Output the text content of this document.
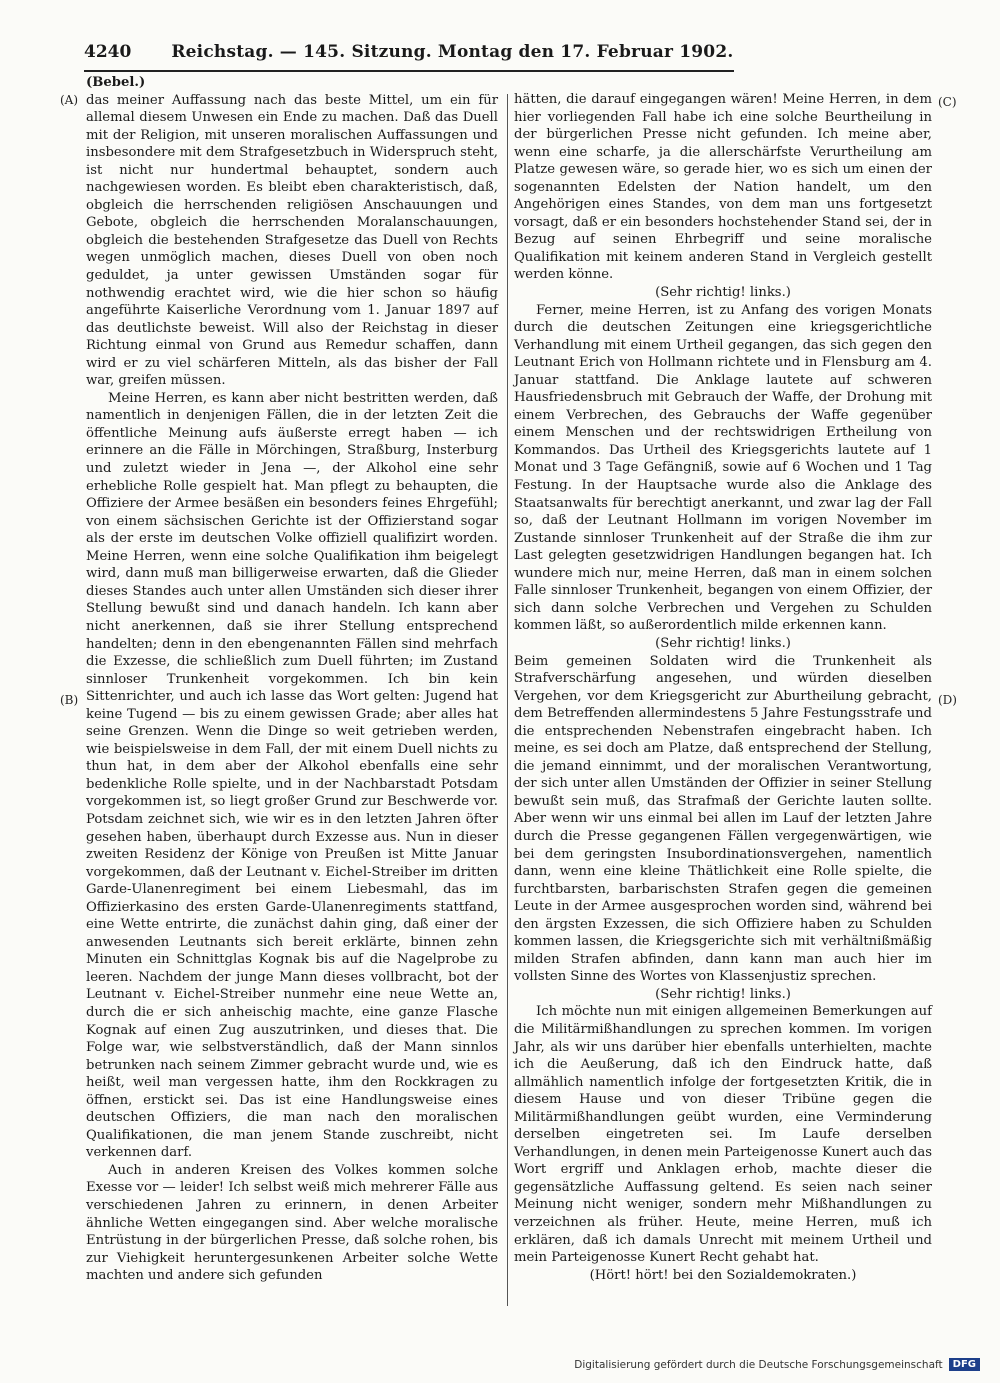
4240 Reichstag. — 145. Sitzung. Montag den 17. Februar 1902.
(A)
(B)
(C)
(D)

(Bebel.)

das meiner Auffassung nach das beste Mittel, um ein für allemal diesem Unwesen ein Ende zu machen. Daß das Duell mit der Religion, mit unseren moralischen Auffassungen und insbesondere mit dem Strafgesetzbuch in Widerspruch steht, ist nicht nur hundertmal behauptet, sondern auch nachgewiesen worden. Es bleibt eben charakteristisch, daß, obgleich die herrschenden religiösen Anschauungen und Gebote, obgleich die herrschenden Moralanschauungen, obgleich die bestehenden Strafgesetze das Duell von Rechts wegen unmöglich machen, dieses Duell von oben noch geduldet, ja unter gewissen Umständen sogar für nothwendig erachtet wird, wie die hier schon so häufig angeführte Kaiserliche Verordnung vom 1. Januar 1897 auf das deutlichste beweist. Will also der Reichstag in dieser Richtung einmal von Grund aus Remedur schaffen, dann wird er zu viel schärferen Mitteln, als das bisher der Fall war, greifen müssen.

Meine Herren, es kann aber nicht bestritten werden, daß namentlich in denjenigen Fällen, die in der letzten Zeit die öffentliche Meinung aufs äußerste erregt haben — ich erinnere an die Fälle in Mörchingen, Straßburg, Insterburg und zuletzt wieder in Jena —, der Alkohol eine sehr erhebliche Rolle gespielt hat. Man pflegt zu behaupten, die Offiziere der Armee besäßen ein besonders feines Ehrgefühl; von einem sächsischen Gerichte ist der Offizierstand sogar als der erste im deutschen Volke offiziell qualifizirt worden. Meine Herren, wenn eine solche Qualifikation ihm beigelegt wird, dann muß man billigerweise erwarten, daß die Glieder dieses Standes auch unter allen Umständen sich dieser ihrer Stellung bewußt sind und danach handeln. Ich kann aber nicht anerkennen, daß sie ihrer Stellung entsprechend handelten; denn in den ebengenannten Fällen sind mehrfach die Exzesse, die schließlich zum Duell führten; im Zustand sinnloser Trunkenheit vorgekommen. Ich bin kein Sittenrichter, und auch ich lasse das Wort gelten: Jugend hat keine Tugend — bis zu einem gewissen Grade; aber alles hat seine Grenzen. Wenn die Dinge so weit getrieben werden, wie beispielsweise in dem Fall, der mit einem Duell nichts zu thun hat, in dem aber der Alkohol ebenfalls eine sehr bedenkliche Rolle spielte, und in der Nachbarstadt Potsdam vorgekommen ist, so liegt großer Grund zur Beschwerde vor. Potsdam zeichnet sich, wie wir es in den letzten Jahren öfter gesehen haben, überhaupt durch Exzesse aus. Nun in dieser zweiten Residenz der Könige von Preußen ist Mitte Januar vorgekommen, daß der Leutnant v. Eichel-Streiber im dritten Garde-Ulanenregiment bei einem Liebesmahl, das im Offizierkasino des ersten Garde-Ulanenregiments stattfand, eine Wette entrirte, die zunächst dahin ging, daß einer der anwesenden Leutnants sich bereit erklärte, binnen zehn Minuten ein Schnittglas Kognak bis auf die Nagelprobe zu leeren. Nachdem der junge Mann dieses vollbracht, bot der Leutnant v. Eichel-Streiber nunmehr eine neue Wette an, durch die er sich anheischig machte, eine ganze Flasche Kognak auf einen Zug auszutrinken, und dieses that. Die Folge war, wie selbstverständlich, daß der Mann sinnlos betrunken nach seinem Zimmer gebracht wurde und, wie es heißt, weil man vergessen hatte, ihm den Rockkragen zu öffnen, erstickt sei. Das ist eine Handlungsweise eines deutschen Offiziers, die man nach den moralischen Qualifikationen, die man jenem Stande zuschreibt, nicht verkennen darf.

Auch in anderen Kreisen des Volkes kommen solche Exesse vor — leider! Ich selbst weiß mich mehrerer Fälle aus verschiedenen Jahren zu erinnern, in denen Arbeiter ähnliche Wetten eingegangen sind. Aber welche moralische Entrüstung in der bürgerlichen Presse, daß solche rohen, bis zur Viehigkeit heruntergesunkenen Arbeiter solche Wette machten und andere sich gefunden

hätten, die darauf eingegangen wären! Meine Herren, in dem hier vorliegenden Fall habe ich eine solche Beurtheilung in der bürgerlichen Presse nicht gefunden. Ich meine aber, wenn eine scharfe, ja die allerschärfste Verurtheilung am Platze gewesen wäre, so gerade hier, wo es sich um einen der sogenannten Edelsten der Nation handelt, um den Angehörigen eines Standes, von dem man uns fortgesetzt vorsagt, daß er ein besonders hochstehender Stand sei, der in Bezug auf seinen Ehrbegriff und seine moralische Qualifikation mit keinem anderen Stand in Vergleich gestellt werden könne.

(Sehr richtig! links.)

Ferner, meine Herren, ist zu Anfang des vorigen Monats durch die deutschen Zeitungen eine kriegsgerichtliche Verhandlung mit einem Urtheil gegangen, das sich gegen den Leutnant Erich von Hollmann richtete und in Flensburg am 4. Januar stattfand. Die Anklage lautete auf schweren Hausfriedensbruch mit Gebrauch der Waffe, der Drohung mit einem Verbrechen, des Gebrauchs der Waffe gegenüber einem Menschen und der rechtswidrigen Ertheilung von Kommandos. Das Urtheil des Kriegsgerichts lautete auf 1 Monat und 3 Tage Gefängniß, sowie auf 6 Wochen und 1 Tag Festung. In der Hauptsache wurde also die Anklage des Staatsanwalts für berechtigt anerkannt, und zwar lag der Fall so, daß der Leutnant Hollmann im vorigen November im Zustande sinnloser Trunkenheit auf der Straße die ihm zur Last gelegten gesetzwidrigen Handlungen begangen hat. Ich wundere mich nur, meine Herren, daß man in einem solchen Falle sinnloser Trunkenheit, begangen von einem Offizier, der sich dann solche Verbrechen und Vergehen zu Schulden kommen läßt, so außerordentlich milde erkennen kann.

(Sehr richtig! links.)

Beim gemeinen Soldaten wird die Trunkenheit als Strafverschärfung angesehen, und würden dieselben Vergehen, vor dem Kriegsgericht zur Aburtheilung gebracht, dem Betreffenden allermindestens 5 Jahre Festungsstrafe und die entsprechenden Nebenstrafen eingebracht haben. Ich meine, es sei doch am Platze, daß entsprechend der Stellung, die jemand einnimmt, und der moralischen Verantwortung, der sich unter allen Umständen der Offizier in seiner Stellung bewußt sein muß, das Strafmaß der Gerichte lauten sollte. Aber wenn wir uns einmal bei allen im Lauf der letzten Jahre durch die Presse gegangenen Fällen vergegenwärtigen, wie bei dem geringsten Insubordinationsvergehen, namentlich dann, wenn eine kleine Thätlichkeit eine Rolle spielte, die furchtbarsten, barbarischsten Strafen gegen die gemeinen Leute in der Armee ausgesprochen worden sind, während bei den ärgsten Exzessen, die sich Offiziere haben zu Schulden kommen lassen, die Kriegsgerichte sich mit verhältnißmäßig milden Strafen abfinden, dann kann man auch hier im vollsten Sinne des Wortes von Klassenjustiz sprechen.

(Sehr richtig! links.)

Ich möchte nun mit einigen allgemeinen Bemerkungen auf die Militärmißhandlungen zu sprechen kommen. Im vorigen Jahr, als wir uns darüber hier ebenfalls unterhielten, machte ich die Aeußerung, daß ich den Eindruck hatte, daß allmählich namentlich infolge der fortgesetzten Kritik, die in diesem Hause und von dieser Tribüne gegen die Militärmißhandlungen geübt wurden, eine Verminderung derselben eingetreten sei. Im Laufe derselben Verhandlungen, in denen mein Parteigenosse Kunert auch das Wort ergriff und Anklagen erhob, machte dieser die gegensätzliche Auffassung geltend. Es seien nach seiner Meinung nicht weniger, sondern mehr Mißhandlungen zu verzeichnen als früher. Heute, meine Herren, muß ich erklären, daß ich damals Unrecht mit meinem Urtheil und mein Parteigenosse Kunert Recht gehabt hat.

(Hört! hört! bei den Sozialdemokraten.)

Digitalisierung gefördert durch die Deutsche Forschungsgemeinschaft	DFG
